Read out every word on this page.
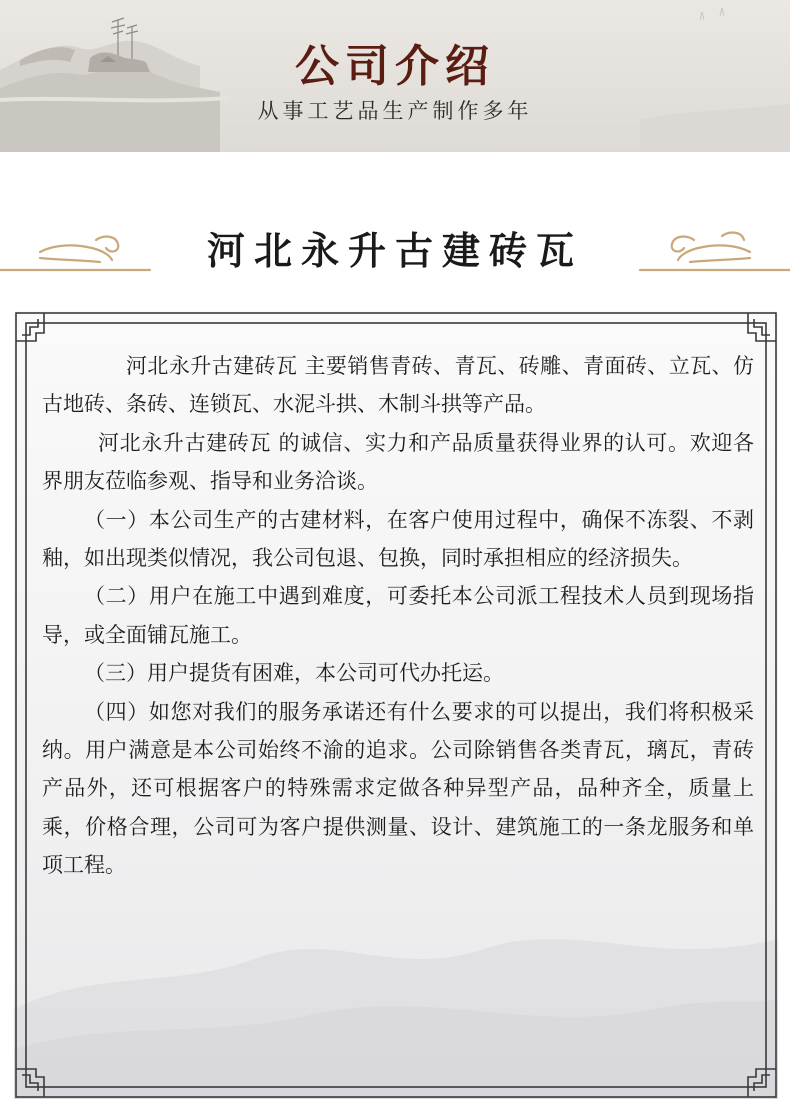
公司介绍
从事工艺品生产制作多年
河北永升古建砖瓦

河北永升古建砖瓦 主要销售青砖、青瓦、砖雕、青面砖、立瓦、仿古地砖、条砖、连锁瓦、水泥斗拱、木制斗拱等产品。

河北永升古建砖瓦 的诚信、实力和产品质量获得业界的认可。欢迎各界朋友莅临参观、指导和业务洽谈。

（一）本公司生产的古建材料，在客户使用过程中，确保不冻裂、不剥釉，如出现类似情况，我公司包退、包换，同时承担相应的经济损失。

（二）用户在施工中遇到难度，可委托本公司派工程技术人员到现场指导，或全面铺瓦施工。

（三）用户提货有困难，本公司可代办托运。

（四）如您对我们的服务承诺还有什么要求的可以提出，我们将积极采纳。用户满意是本公司始终不渝的追求。公司除销售各类青瓦，璃瓦，青砖产品外，还可根据客户的特殊需求定做各种异型产品，品种齐全，质量上乘，价格合理，公司可为客户提供测量、设计、建筑施工的一条龙服务和单项工程。
